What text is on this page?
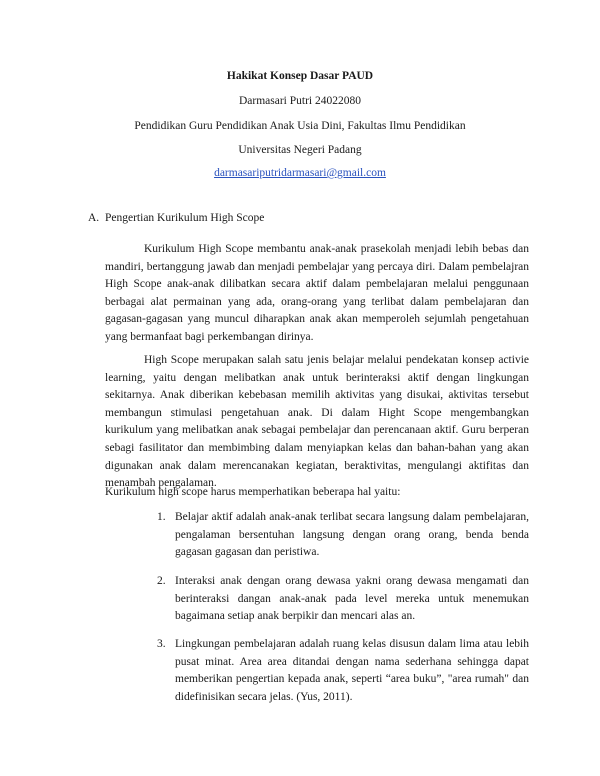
Hakikat Konsep Dasar PAUD
Darmasari Putri 24022080
Pendidikan Guru Pendidikan Anak Usia Dini, Fakultas Ilmu Pendidikan
Universitas Negeri Padang
darmasariputridarmasari@gmail.com
A. Pengertian Kurikulum High Scope

Kurikulum High Scope membantu anak-anak prasekolah menjadi lebih bebas dan mandiri, bertanggung jawab dan menjadi pembelajar yang percaya diri. Dalam pembelajran High Scope anak-anak dilibatkan secara aktif dalam pembelajaran melalui penggunaan berbagai alat permainan yang ada, orang-orang yang terlibat dalam pembelajaran dan gagasan-gagasan yang muncul diharapkan anak akan memperoleh sejumlah pengetahuan yang bermanfaat bagi perkembangan dirinya.

High Scope merupakan salah satu jenis belajar melalui pendekatan konsep activie learning, yaitu dengan melibatkan anak untuk berinteraksi aktif dengan lingkungan sekitarnya. Anak diberikan kebebasan memilih aktivitas yang disukai, aktivitas tersebut membangun stimulasi pengetahuan anak. Di dalam Hight Scope mengembangkan kurikulum yang melibatkan anak sebagai pembelajar dan perencanaan aktif. Guru berperan sebagi fasilitator dan membimbing dalam menyiapkan kelas dan bahan-bahan yang akan digunakan anak dalam merencanakan kegiatan, beraktivitas, mengulangi aktifitas dan menambah pengalaman.

Kurikulum high scope harus memperhatikan beberapa hal yaitu:
1. Belajar aktif adalah anak-anak terlibat secara langsung dalam pembelajaran, pengalaman bersentuhan langsung dengan orang orang, benda benda gagasan gagasan dan peristiwa.
2. Interaksi anak dengan orang dewasa yakni orang dewasa mengamati dan berinteraksi dangan anak-anak pada level mereka untuk menemukan bagaimana setiap anak berpikir dan mencari alas an.
3. Lingkungan pembelajaran adalah ruang kelas disusun dalam lima atau lebih pusat minat. Area area ditandai dengan nama sederhana sehingga dapat memberikan pengertian kepada anak, seperti “area buku”, "area rumah" dan didefinisikan secara jelas. (Yus, 2011).
